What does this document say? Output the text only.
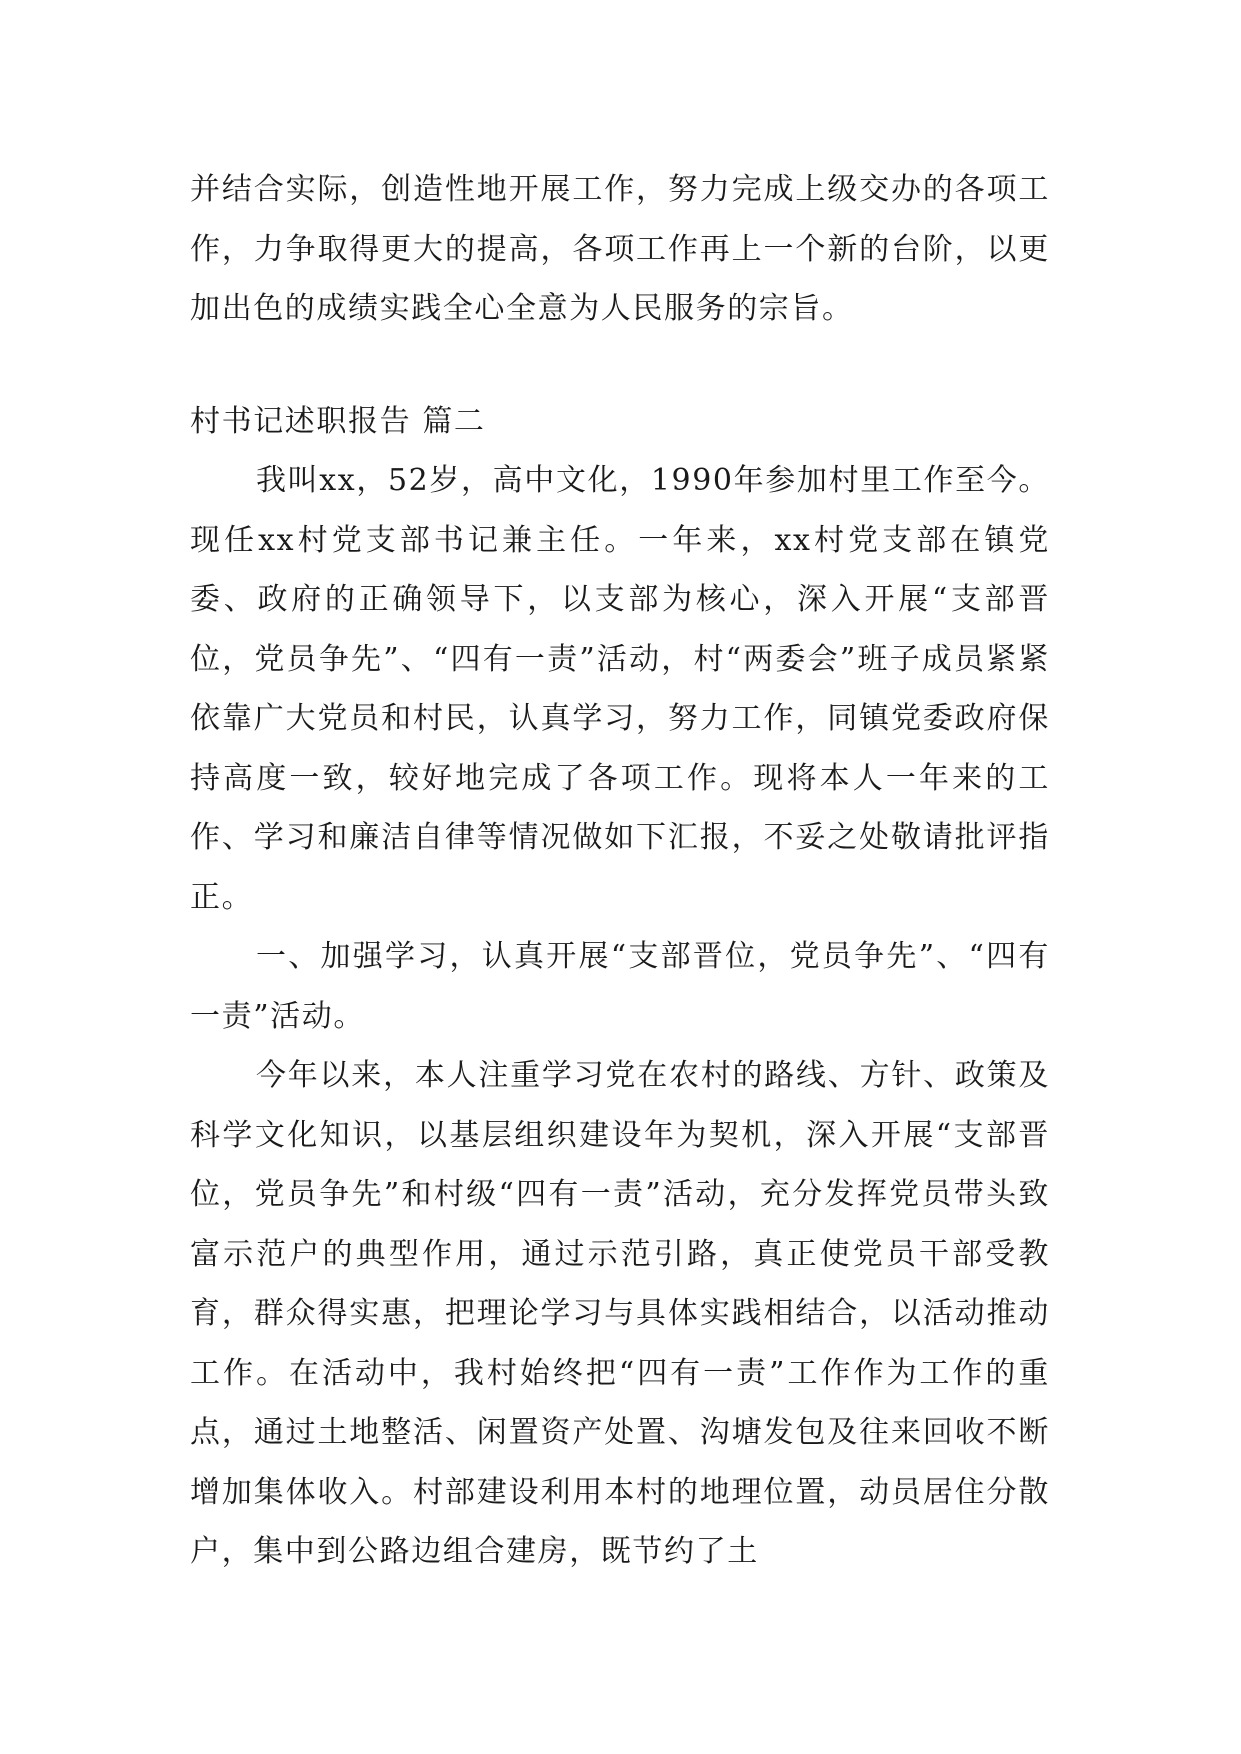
并结合实际，创造性地开展工作，努力完成上级交办的各项工作，力争取得更大的提高，各项工作再上一个新的台阶，以更加出色的成绩实践全心全意为人民服务的宗旨。

村书记述职报告 篇二

我叫xx，52岁，高中文化，1990年参加村里工作至今。现任xx村党支部书记兼主任。一年来，xx村党支部在镇党委、政府的正确领导下，以支部为核心，深入开展“支部晋位，党员争先”、“四有一责”活动，村“两委会”班子成员紧紧依靠广大党员和村民，认真学习，努力工作，同镇党委政府保持高度一致，较好地完成了各项工作。现将本人一年来的工作、学习和廉洁自律等情况做如下汇报，不妥之处敬请批评指正。

一、加强学习，认真开展“支部晋位，党员争先”、“四有一责”活动。

今年以来，本人注重学习党在农村的路线、方针、政策及科学文化知识，以基层组织建设年为契机，深入开展“支部晋位，党员争先”和村级“四有一责”活动，充分发挥党员带头致富示范户的典型作用，通过示范引路，真正使党员干部受教育，群众得实惠，把理论学习与具体实践相结合，以活动推动工作。在活动中，我村始终把“四有一责”工作作为工作的重点，通过土地整活、闲置资产处置、沟塘发包及往来回收不断增加集体收入。村部建设利用本村的地理位置，动员居住分散户，集中到公路边组合建房，既节约了土
